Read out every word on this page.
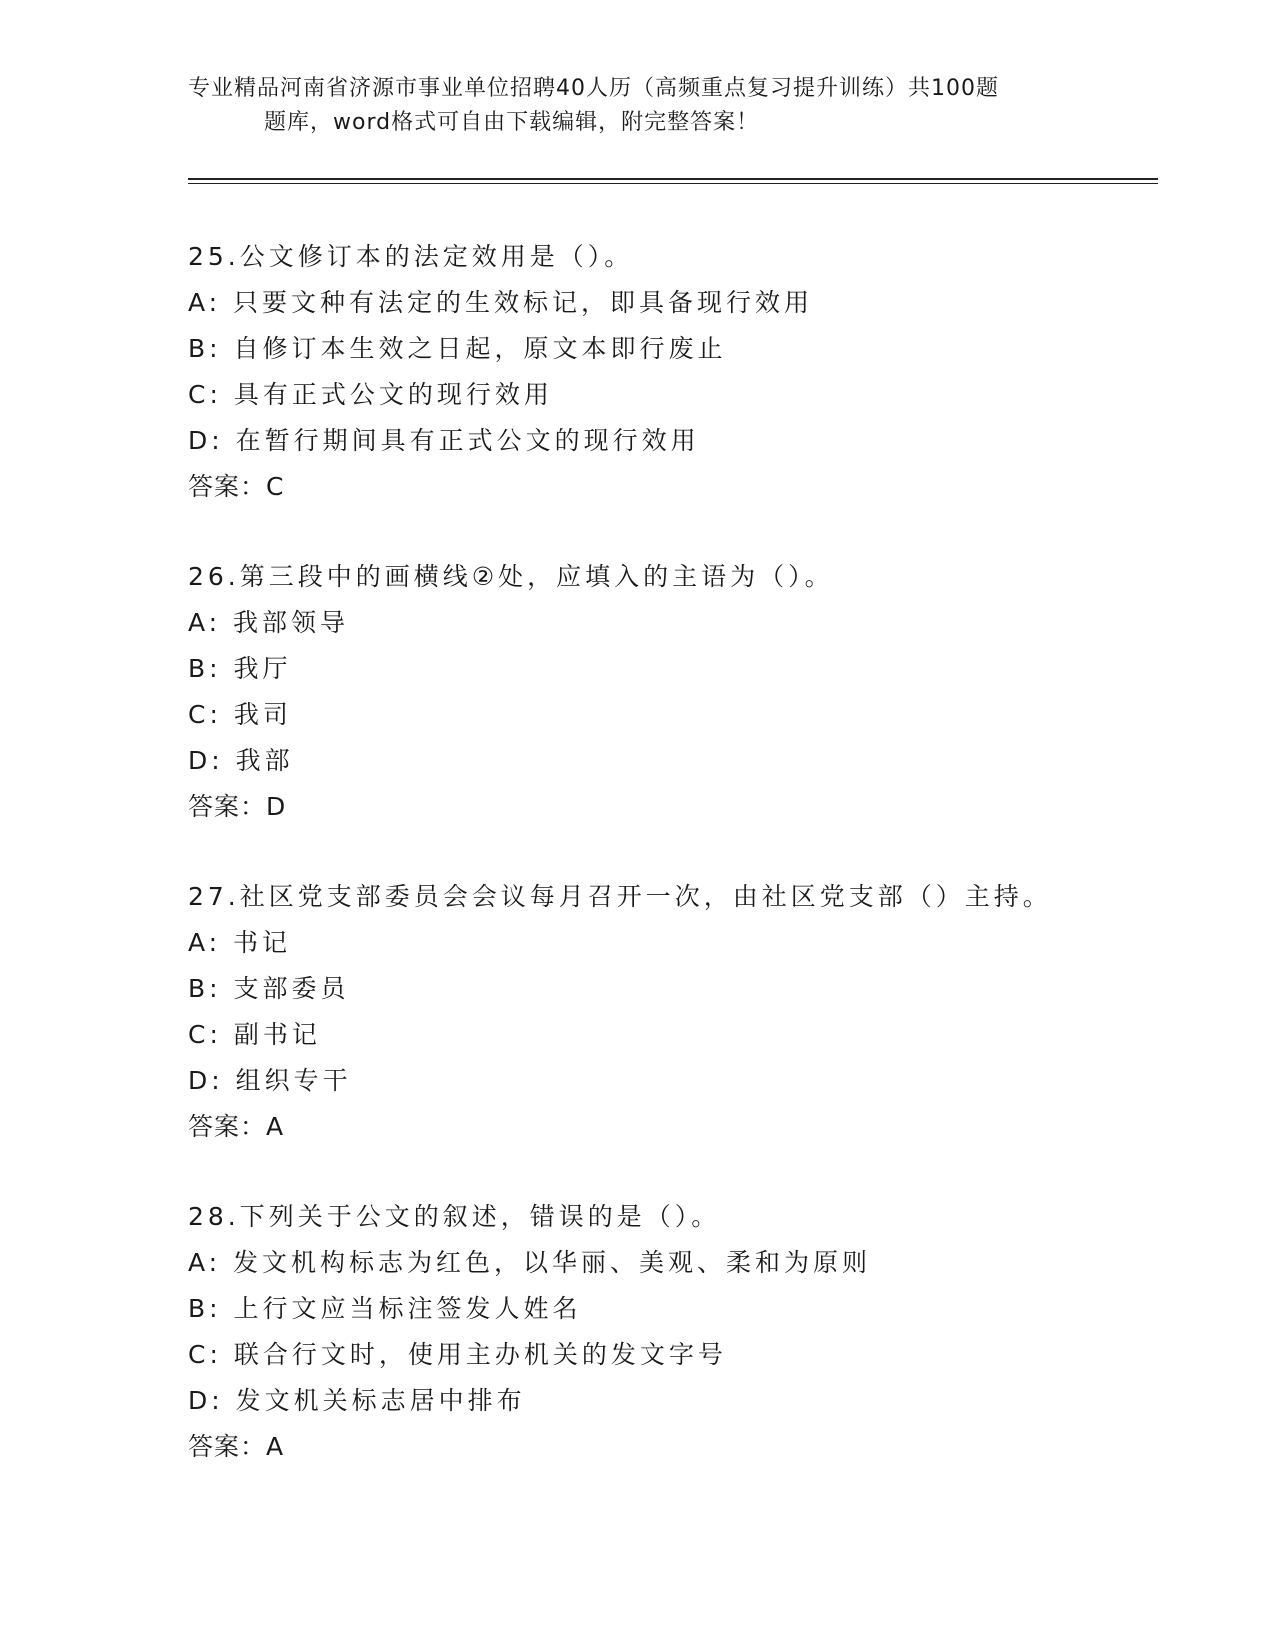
专业精品河南省济源市事业单位招聘40人历（高频重点复习提升训练）共100题
题库，word格式可自由下载编辑，附完整答案！
25.公文修订本的法定效用是（）。
A: 只要文种有法定的生效标记，即具备现行效用
B: 自修订本生效之日起，原文本即行废止
C: 具有正式公文的现行效用
D: 在暂行期间具有正式公文的现行效用
答案：C
26.第三段中的画横线②处，应填入的主语为（）。
A: 我部领导
B: 我厅
C: 我司
D: 我部
答案：D
27.社区党支部委员会会议每月召开一次，由社区党支部（）主持。
A: 书记
B: 支部委员
C: 副书记
D: 组织专干
答案：A
28.下列关于公文的叙述，错误的是（）。
A: 发文机构标志为红色，以华丽、美观、柔和为原则
B: 上行文应当标注签发人姓名
C: 联合行文时，使用主办机关的发文字号
D: 发文机关标志居中排布
答案：A
